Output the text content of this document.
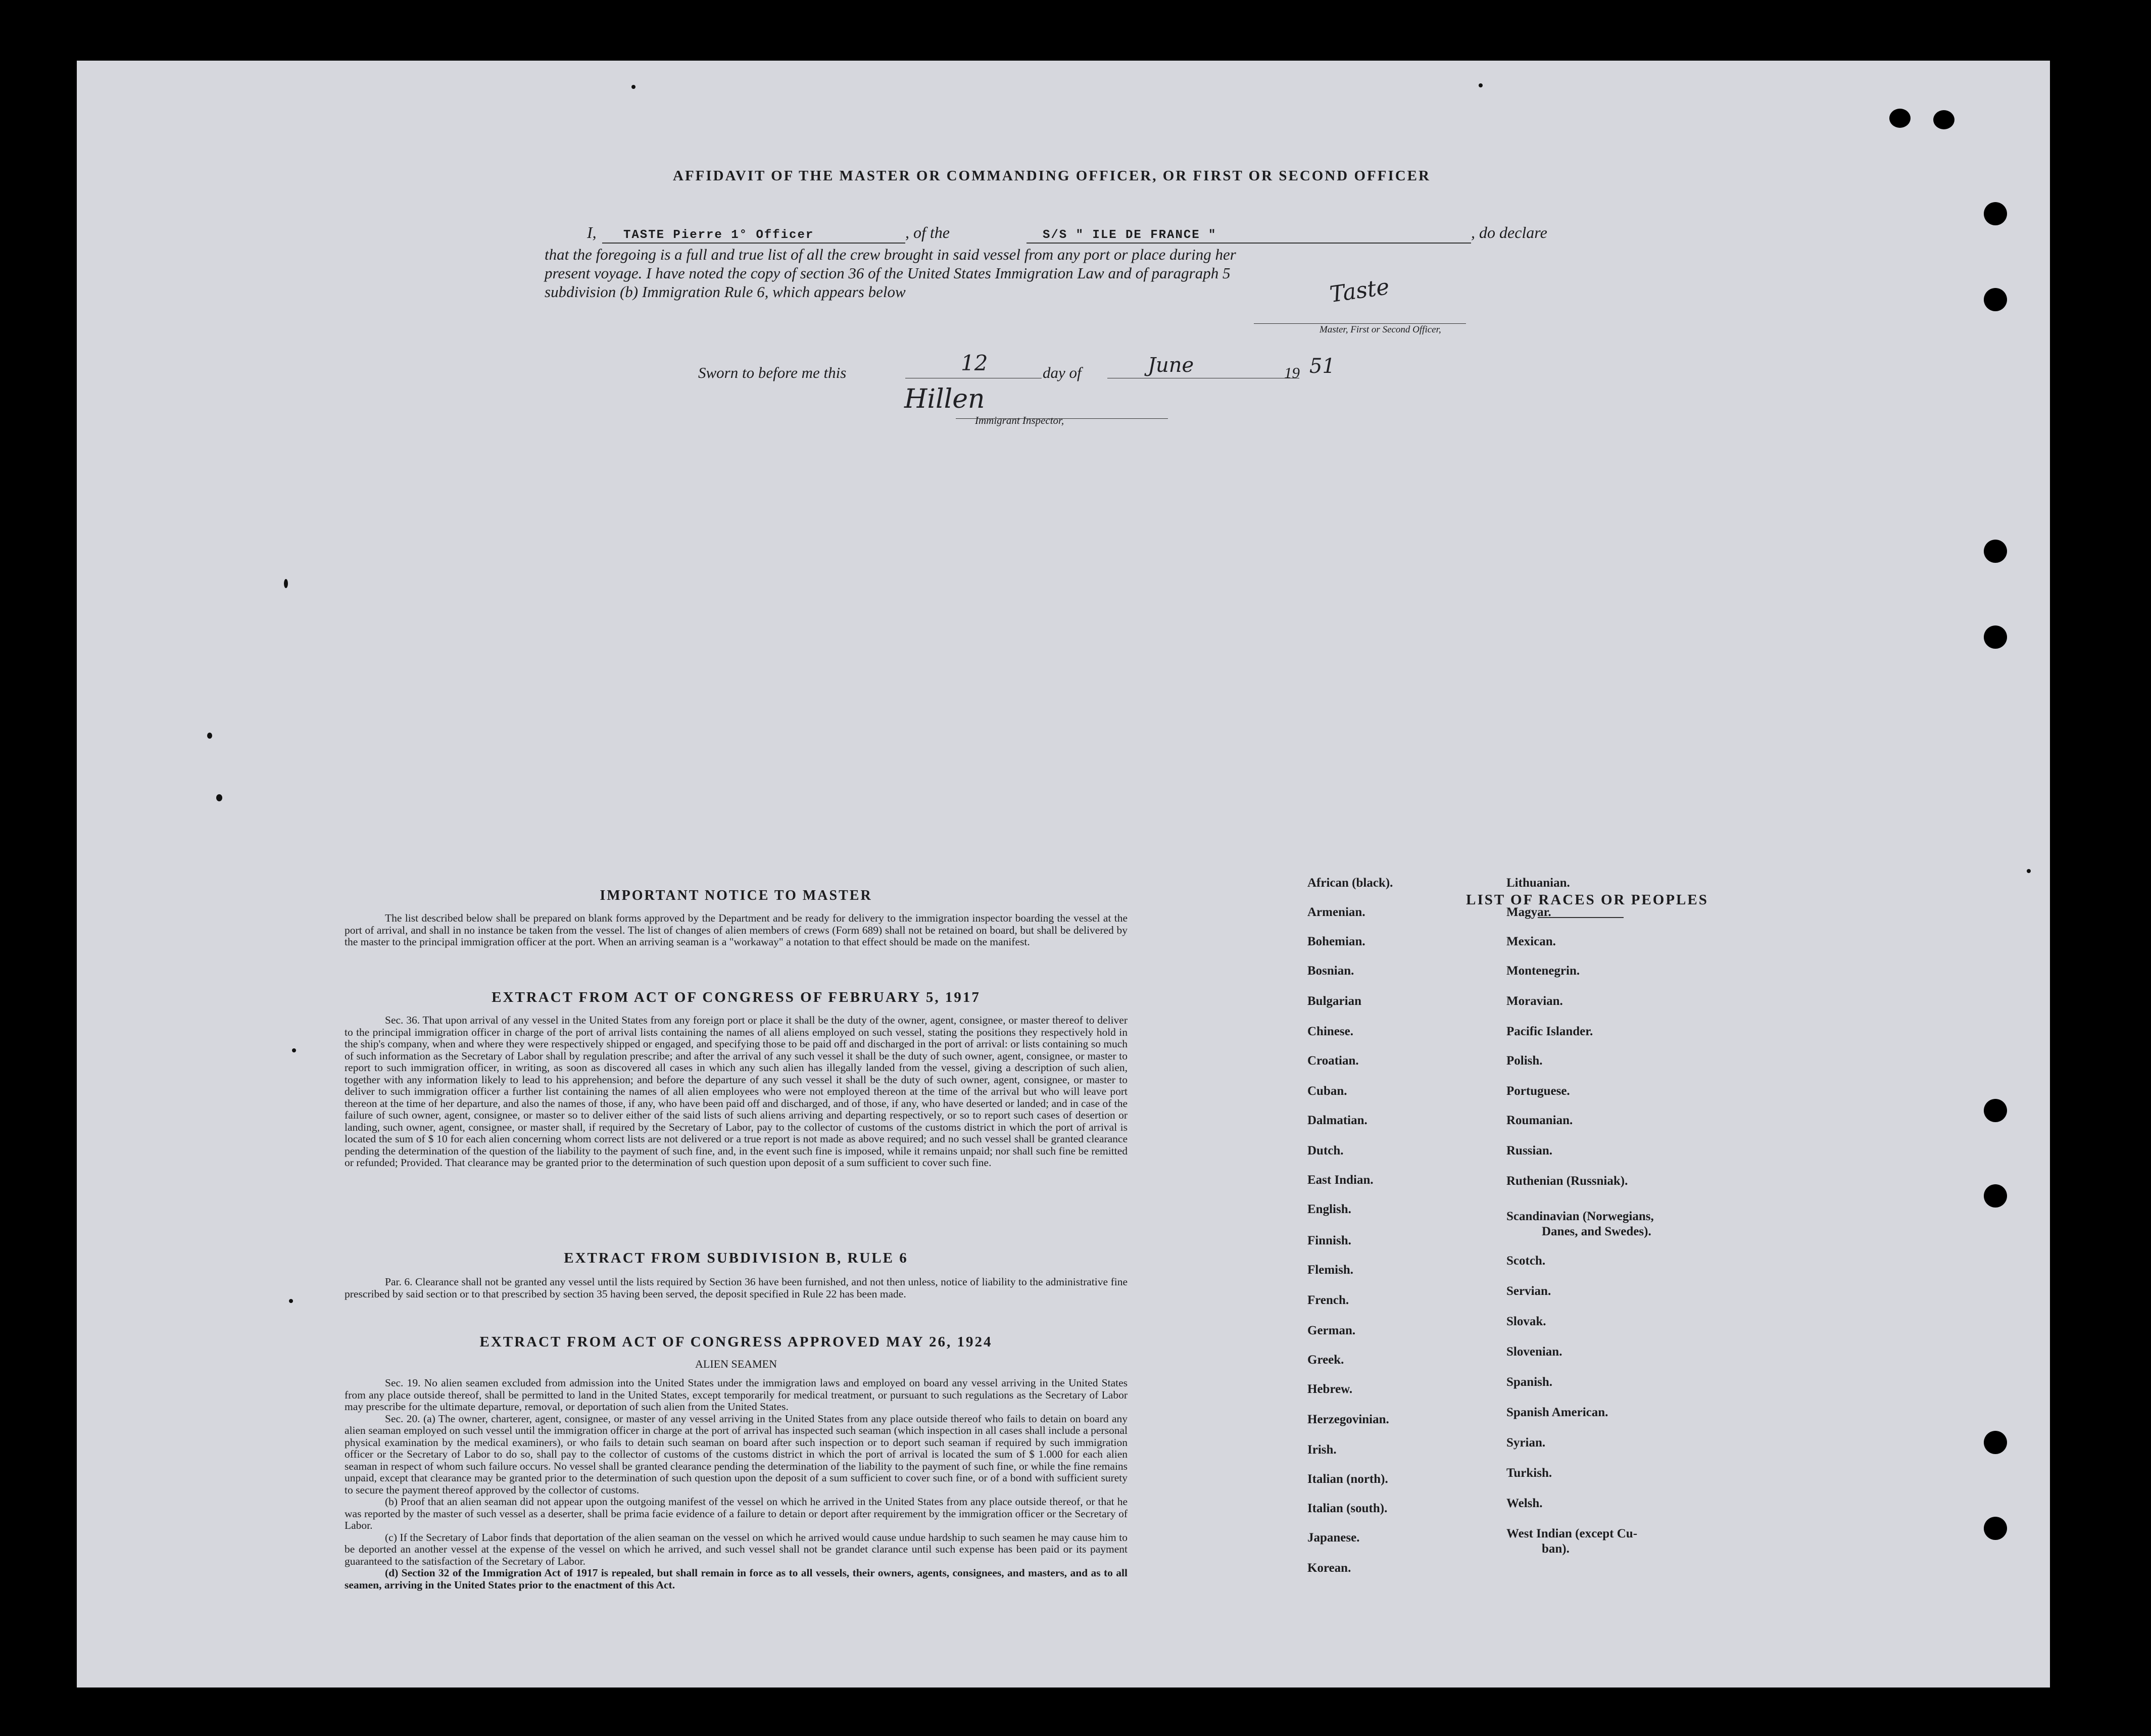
AFFIDAVIT OF THE MASTER OR COMMANDING OFFICER, OR FIRST OR SECOND OFFICER
I, TASTE Pierre 1° Officer	, of the	S/S " ILE DE FRANCE "	, do declare
that the foregoing is a full and true list of all the crew brought in said vessel from any port or place during her
present voyage. I have noted the copy of section 36 of the United States Immigration Law and of paragraph 5
subdivision (b) Immigration Rule 6, which appears below	Taste
Master, First or Second Officer,
Sworn to before me this	12	day of	June	19 51
Hillen
Immigrant Inspector,
IMPORTANT NOTICE TO MASTER
The list described below shall be prepared on blank forms approved by the Department and be ready for delivery to the immigration inspector boarding the vessel at the port of arrival, and shall in no instance be taken from the vessel. The list of changes of alien members of crews (Form 689) shall not be retained on board, but shall be delivered by the master to the principal immigration officer at the port. When an arriving seaman is a "workaway" a notation to that effect should be made on the manifest.
EXTRACT FROM ACT OF CONGRESS OF FEBRUARY 5, 1917
Sec. 36. That upon arrival of any vessel in the United States from any foreign port or place it shall be the duty of the owner, agent, consignee, or master thereof to deliver to the principal immigration officer in charge of the port of arrival lists containing the names of all aliens employed on such vessel, stating the positions they respectively hold in the ship's company, when and where they were respectively shipped or engaged, and specifying those to be paid off and discharged in the port of arrival: or lists containing so much of such information as the Secretary of Labor shall by regulation prescribe; and after the arrival of any such vessel it shall be the duty of such owner, agent, consignee, or master to report to such immigration officer, in writing, as soon as discovered all cases in which any such alien has illegally landed from the vessel, giving a description of such alien, together with any information likely to lead to his apprehension; and before the departure of any such vessel it shall be the duty of such owner, agent, consignee, or master to deliver to such immigration officer a further list containing the names of all alien employees who were not employed thereon at the time of the arrival but who will leave port thereon at the time of her departure, and also the names of those, if any, who have been paid off and discharged, and of those, if any, who have deserted or landed; and in case of the failure of such owner, agent, consignee, or master so to deliver either of the said lists of such aliens arriving and departing respectively, or so to report such cases of desertion or landing, such owner, agent, consignee, or master shall, if required by the Secretary of Labor, pay to the collector of customs of the customs district in which the port of arrival is located the sum of $ 10 for each alien concerning whom correct lists are not delivered or a true report is not made as above required; and no such vessel shall be granted clearance pending the determination of the question of the liability to the payment of such fine, and, in the event such fine is imposed, while it remains unpaid; nor shall such fine be remitted or refunded; Provided. That clearance may be granted prior to the determination of such question upon deposit of a sum sufficient to cover such fine.
EXTRACT FROM SUBDIVISION B, RULE 6
Par. 6. Clearance shall not be granted any vessel until the lists required by Section 36 have been furnished, and not then unless, notice of liability to the administrative fine prescribed by said section or to that prescribed by section 35 having been served, the deposit specified in Rule 22 has been made.
EXTRACT FROM ACT OF CONGRESS APPROVED MAY 26, 1924
ALIEN SEAMEN
Sec. 19. No alien seamen excluded from admission into the United States under the immigration laws and employed on board any vessel arriving in the United States from any place outside thereof, shall be permitted to land in the United States, except temporarily for medical treatment, or pursuant to such regulations as the Secretary of Labor may prescribe for the ultimate departure, removal, or deportation of such alien from the United States.
Sec. 20. (a) The owner, charterer, agent, consignee, or master of any vessel arriving in the United States from any place outside thereof who fails to detain on board any alien seaman employed on such vessel until the immigration officer in charge at the port of arrival has inspected such seaman (which inspection in all cases shall include a personal physical examination by the medical examiners), or who fails to detain such seaman on board after such inspection or to deport such seaman if required by such immigration officer or the Secretary of Labor to do so, shall pay to the collector of customs of the customs district in which the port of arrival is located the sum of $ 1.000 for each alien seaman in respect of whom such failure occurs. No vessel shall be granted clearance pending the determination of the liability to the payment of such fine, or while the fine remains unpaid, except that clearance may be granted prior to the determination of such question upon the deposit of a sum sufficient to cover such fine, or of a bond with sufficient surety to secure the payment thereof approved by the collector of customs.
(b) Proof that an alien seaman did not appear upon the outgoing manifest of the vessel on which he arrived in the United States from any place outside thereof, or that he was reported by the master of such vessel as a deserter, shall be prima facie evidence of a failure to detain or deport after requirement by the immigration officer or the Secretary of Labor.
(c) If the Secretary of Labor finds that deportation of the alien seaman on the vessel on which he arrived would cause undue hardship to such seamen he may cause him to be deported an another vessel at the expense of the vessel on which he arrived, and such vessel shall not be grandet clarance until such expense has been paid or its payment guaranteed to the satisfaction of the Secretary of Labor.
(d) Section 32 of the Immigration Act of 1917 is repealed, but shall remain in force as to all vessels, their owners, agents, consignees, and masters, and as to all seamen, arriving in the United States prior to the enactment of this Act.
LIST OF RACES OR PEOPLES
African (black).
Armenian.
Bohemian.
Bosnian.
Bulgarian
Chinese.
Croatian.
Cuban.
Dalmatian.
Dutch.
East Indian.
English.
Finnish.
Flemish.
French.
German.
Greek.
Hebrew.
Herzegovinian.
Irish.
Italian (north).
Italian (south).
Japanese.
Korean.
Lithuanian.
Magyar.
Mexican.
Montenegrin.
Moravian.
Pacific Islander.
Polish.
Portuguese.
Roumanian.
Russian.
Ruthenian (Russniak).
Scandinavian (Norwegians,
Scotch.
Servian.
Slovak.
Slovenian.
Spanish.
Spanish American.
Syrian.
Turkish.
Welsh.
West Indian (except Cu-
Danes, and Swedes).
ban).
